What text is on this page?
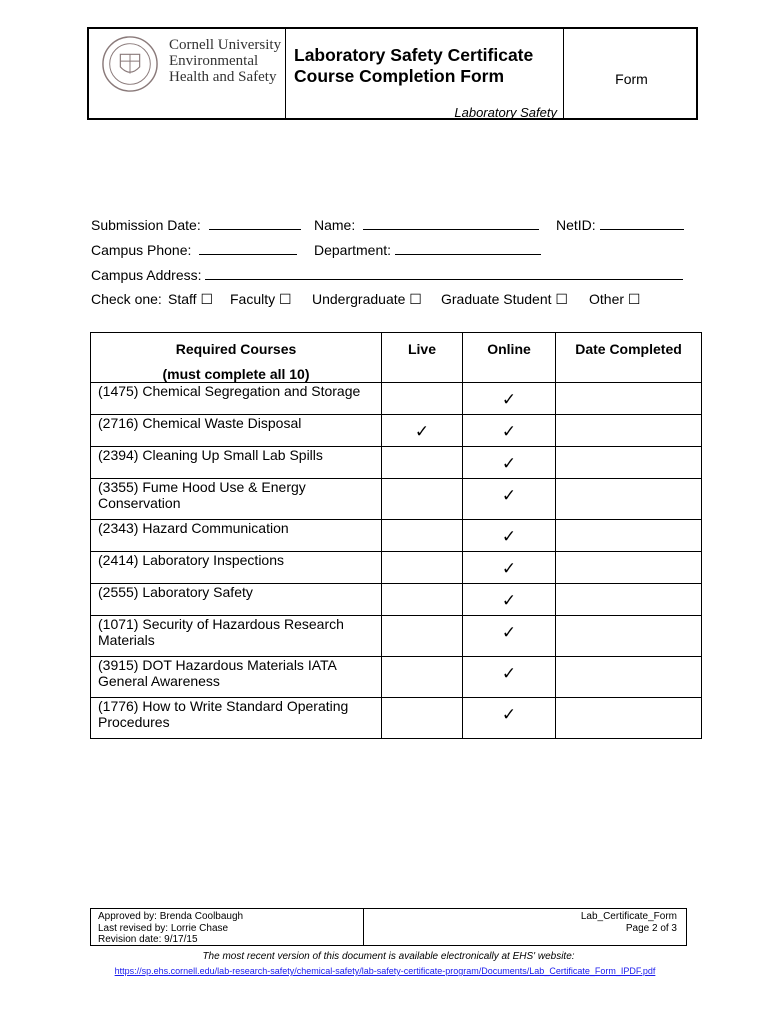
Cornell University
Environmental
Health and Safety
Laboratory Safety Certificate
Course Completion Form
Laboratory Safety
Form
Submission Date:	Name:	NetID:
Campus Phone:	Department:
Campus Address:
Check one: Staff ☐ Faculty ☐ Undergraduate ☐ Graduate Student ☐ Other ☐
Required Courses
(must complete all 10)	Live	Online	Date Completed
(1475) Chemical Segregation and Storage		✓	
(2716) Chemical Waste Disposal	✓	✓	
(2394) Cleaning Up Small Lab Spills		✓	
(3355) Fume Hood Use & Energy Conservation		✓	
(2343) Hazard Communication		✓	
(2414) Laboratory Inspections		✓	
(2555) Laboratory Safety		✓	
(1071) Security of Hazardous Research Materials		✓	
(3915) DOT Hazardous Materials IATA General Awareness		✓	
(1776) How to Write Standard Operating Procedures		✓	
Approved by: Brenda Coolbaugh
Last revised by: Lorrie Chase
Revision date: 9/17/15
Lab_Certificate_Form
Page 2 of 3
The most recent version of this document is available electronically at EHS' website:
https://sp.ehs.cornell.edu/lab-research-safety/chemical-safety/lab-safety-certificate-program/Documents/Lab_Certificate_Form_IPDF.pdf
